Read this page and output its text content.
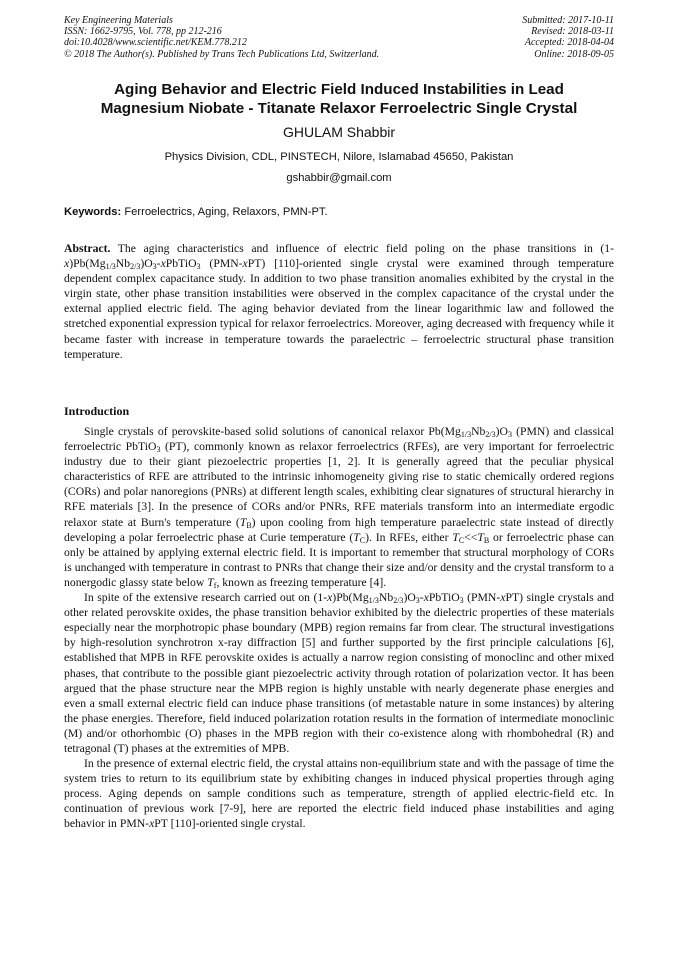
Key Engineering Materials
ISSN: 1662-9795, Vol. 778, pp 212-216
doi:10.4028/www.scientific.net/KEM.778.212
© 2018 The Author(s). Published by Trans Tech Publications Ltd, Switzerland.
Submitted: 2017-10-11
Revised: 2018-03-11
Accepted: 2018-04-04
Online: 2018-09-05
Aging Behavior and Electric Field Induced Instabilities in Lead
Magnesium Niobate - Titanate Relaxor Ferroelectric Single Crystal
GHULAM Shabbir
Physics Division, CDL, PINSTECH, Nilore, Islamabad 45650, Pakistan
gshabbir@gmail.com
Keywords: Ferroelectrics, Aging, Relaxors, PMN-PT.
Abstract. The aging characteristics and influence of electric field poling on the phase transitions in $(1-x)Pb(Mg_{1/3}Nb_{2/3})O_3-xPbTiO_3$ (PMN-xPT) [110]-oriented single crystal were examined through temperature dependent complex capacitance study. In addition to two phase transition anomalies exhibited by the crystal in the virgin state, other phase transition instabilities were observed in the complex capacitance of the crystal under the external applied electric field. The aging behavior deviated from the linear logarithmic law and followed the stretched exponential expression typical for relaxor ferroelectrics. Moreover, aging decreased with frequency while it became faster with increase in temperature towards the paraelectric – ferroelectric structural phase transition temperature.
Introduction

Single crystals of perovskite-based solid solutions of canonical relaxor $Pb(Mg_{1/3}Nb_{2/3})O_3$ (PMN) and classical ferroelectric PbTiO$_3$ (PT), commonly known as relaxor ferroelectrics (RFEs), are very important for ferroelectric industry due to their giant piezoelectric properties [1, 2]. It is generally agreed that the peculiar physical characteristics of RFE are attributed to the intrinsic inhomogeneity giving rise to static chemically ordered regions (CORs) and polar nanoregions (PNRs) at different length scales, exhibiting clear signatures of structural hierarchy in RFE materials [3]. In the presence of CORs and/or PNRs, RFE materials transform into an intermediate ergodic relaxor state at Burn's temperature $(T_B)$ upon cooling from high temperature paraelectric state instead of directly developing a polar ferroelectric phase at Curie temperature $(T_C)$. In RFEs, either $T_C<<T_B$ or ferroelectric phase can only be attained by applying external electric field. It is important to remember that structural morphology of CORs is unchanged with temperature in contrast to PNRs that change their size and/or density and the crystal transform to a nonergodic glassy state below $T_f$, known as freezing temperature [4].

In spite of the extensive research carried out on $(1-x)Pb(Mg_{1/3}Nb_{2/3})O_3-xPbTiO_3$ (PMN-xPT) single crystals and other related perovskite oxides, the phase transition behavior exhibited by the dielectric properties of these materials especially near the morphotropic phase boundary (MPB) region remains far from clear. The structural investigations by high-resolution synchrotron x-ray diffraction [5] and further supported by the first principle calculations [6], established that MPB in RFE perovskite oxides is actually a narrow region consisting of monoclinc and other mixed phases, that contribute to the possible giant piezoelectric activity through rotation of polarization vector. It has been argued that the phase structure near the MPB region is highly unstable with nearly degenerate phase energies and even a small external electric field can induce phase transitions (of metastable nature in some instances) by altering the phase energies. Therefore, field induced polarization rotation results in the formation of intermediate monoclinic (M) and/or othorhombic (O) phases in the MPB region with their co-existence along with rhombohedral (R) and tetragonal (T) phases at the extremities of MPB.

In the presence of external electric field, the crystal attains non-equilibrium state and with the passage of time the system tries to return to its equilibrium state by exhibiting changes in induced physical properties through aging process. Aging depends on sample conditions such as temperature, strength of applied electric-field etc. In continuation of previous work [7-9], here are reported the electric field induced phase instabilities and aging behavior in PMN-xPT [110]-oriented single crystal.
